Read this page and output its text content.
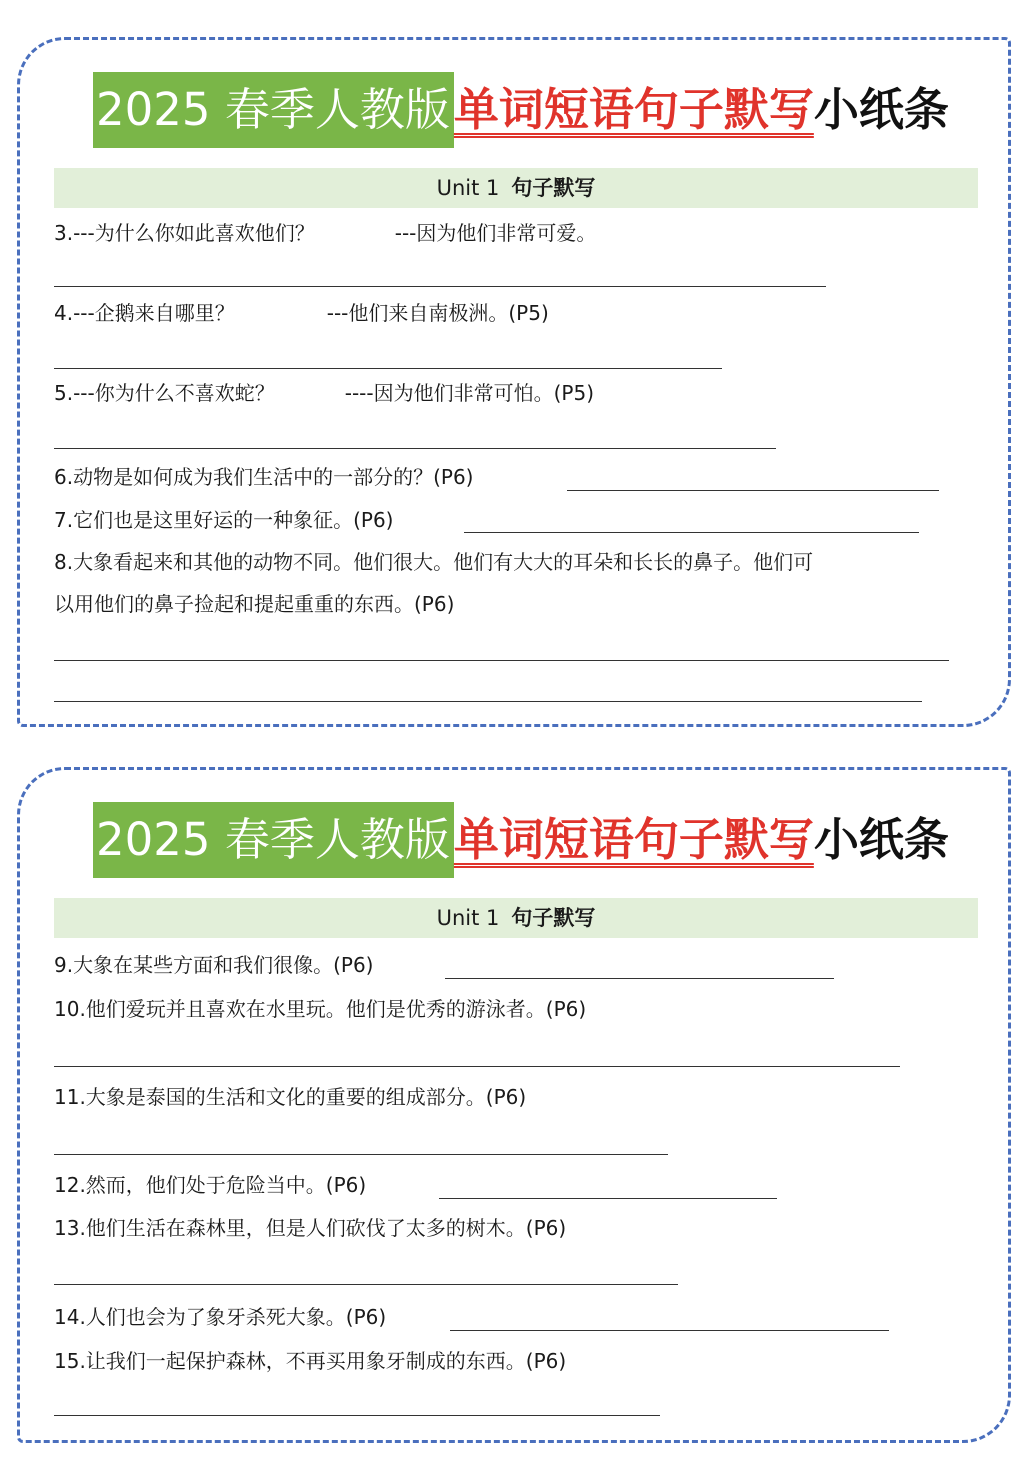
2025 春季人教版单词短语句子默写小纸条
Unit 1 句子默写
3.---为什么你如此喜欢他们？	---因为他们非常可爱。
4.---企鹅来自哪里？	---他们来自南极洲。(P5)
5.---你为什么不喜欢蛇？	----因为他们非常可怕。(P5)
6.动物是如何成为我们生活中的一部分的？(P6)
7.它们也是这里好运的一种象征。(P6)
8.大象看起来和其他的动物不同。他们很大。他们有大大的耳朵和长长的鼻子。他们可
以用他们的鼻子捡起和提起重重的东西。(P6)
2025 春季人教版单词短语句子默写小纸条
Unit 1 句子默写
9.大象在某些方面和我们很像。(P6)
10.他们爱玩并且喜欢在水里玩。他们是优秀的游泳者。(P6)
11.大象是泰国的生活和文化的重要的组成部分。(P6)
12.然而，他们处于危险当中。(P6)
13.他们生活在森林里，但是人们砍伐了太多的树木。(P6)
14.人们也会为了象牙杀死大象。(P6)
15.让我们一起保护森林，不再买用象牙制成的东西。(P6)
